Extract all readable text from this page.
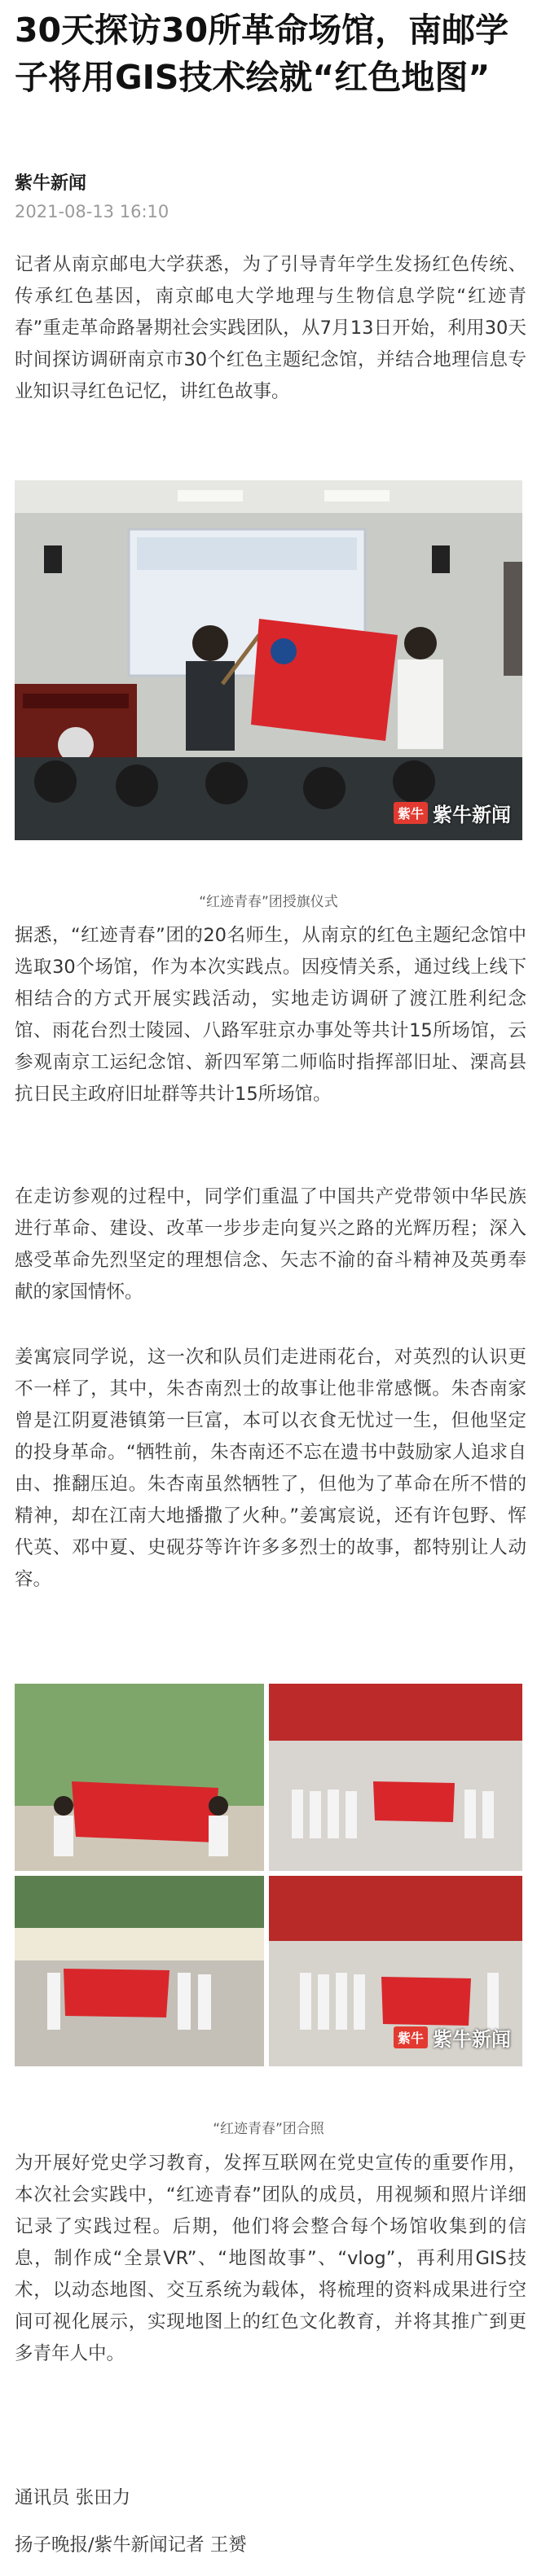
30天探访30所革命场馆，南邮学子将用GIS技术绘就“红色地图”
紫牛新闻
2021-08-13 16:10

记者从南京邮电大学获悉，为了引导青年学生发扬红色传统、传承红色基因，南京邮电大学地理与生物信息学院“红迹青春”重走革命路暑期社会实践团队，从7月13日开始，利用30天时间探访调研南京市30个红色主题纪念馆，并结合地理信息专业知识寻红色记忆，讲红色故事。

紫牛 紫牛新闻
“红迹青春”团授旗仪式

据悉，“红迹青春”团的20名师生，从南京的红色主题纪念馆中选取30个场馆，作为本次实践点。因疫情关系，通过线上线下相结合的方式开展实践活动，实地走访调研了渡江胜利纪念馆、雨花台烈士陵园、八路军驻京办事处等共计15所场馆，云参观南京工运纪念馆、新四军第二师临时指挥部旧址、溧高县抗日民主政府旧址群等共计15所场馆。

在走访参观的过程中，同学们重温了中国共产党带领中华民族进行革命、建设、改革一步步走向复兴之路的光辉历程；深入感受革命先烈坚定的理想信念、矢志不渝的奋斗精神及英勇奉献的家国情怀。

姜寓宸同学说，这一次和队员们走进雨花台，对英烈的认识更不一样了，其中，朱杏南烈士的故事让他非常感慨。朱杏南家曾是江阴夏港镇第一巨富，本可以衣食无忧过一生，但他坚定的投身革命。“牺牲前，朱杏南还不忘在遗书中鼓励家人追求自由、推翻压迫。朱杏南虽然牺牲了，但他为了革命在所不惜的精神，却在江南大地播撒了火种。”姜寓宸说，还有许包野、恽代英、邓中夏、史砚芬等许许多多烈士的故事，都特别让人动容。

紫牛 紫牛新闻
“红迹青春”团合照

为开展好党史学习教育，发挥互联网在党史宣传的重要作用，本次社会实践中，“红迹青春”团队的成员，用视频和照片详细记录了实践过程。后期，他们将会整合每个场馆收集到的信息，制作成“全景VR”、“地图故事”、“vlog”，再利用GIS技术，以动态地图、交互系统为载体，将梳理的资料成果进行空间可视化展示，实现地图上的红色文化教育，并将其推广到更多青年人中。

通讯员 张田力
扬子晚报/紫牛新闻记者 王赟
